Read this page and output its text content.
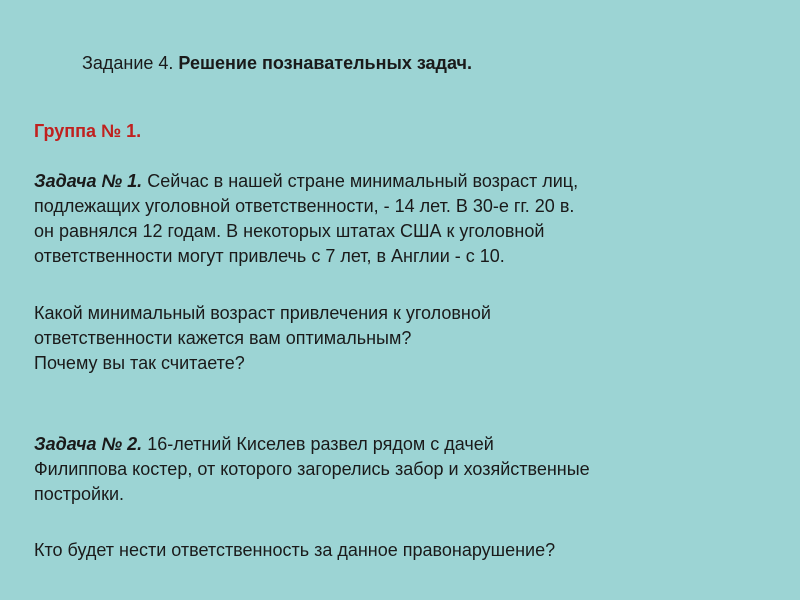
Задание 4. Решение познавательных задач.
Группа № 1.
Задача № 1. Сейчас в нашей стране минимальный возраст лиц,
подлежащих уголовной ответственности, - 14 лет. В 30-е гг. 20 в.
он равнялся 12 годам. В некоторых штатах США к уголовной
ответственности могут привлечь с 7 лет, в Англии - с 10.
Какой минимальный возраст привлечения к уголовной
ответственности кажется вам оптимальным?
Почему вы так считаете?
Задача № 2. 16-летний Киселев развел рядом с дачей
Филиппова костер, от которого загорелись забор и хозяйственные
постройки.
Кто будет нести ответственность за данное правонарушение?
